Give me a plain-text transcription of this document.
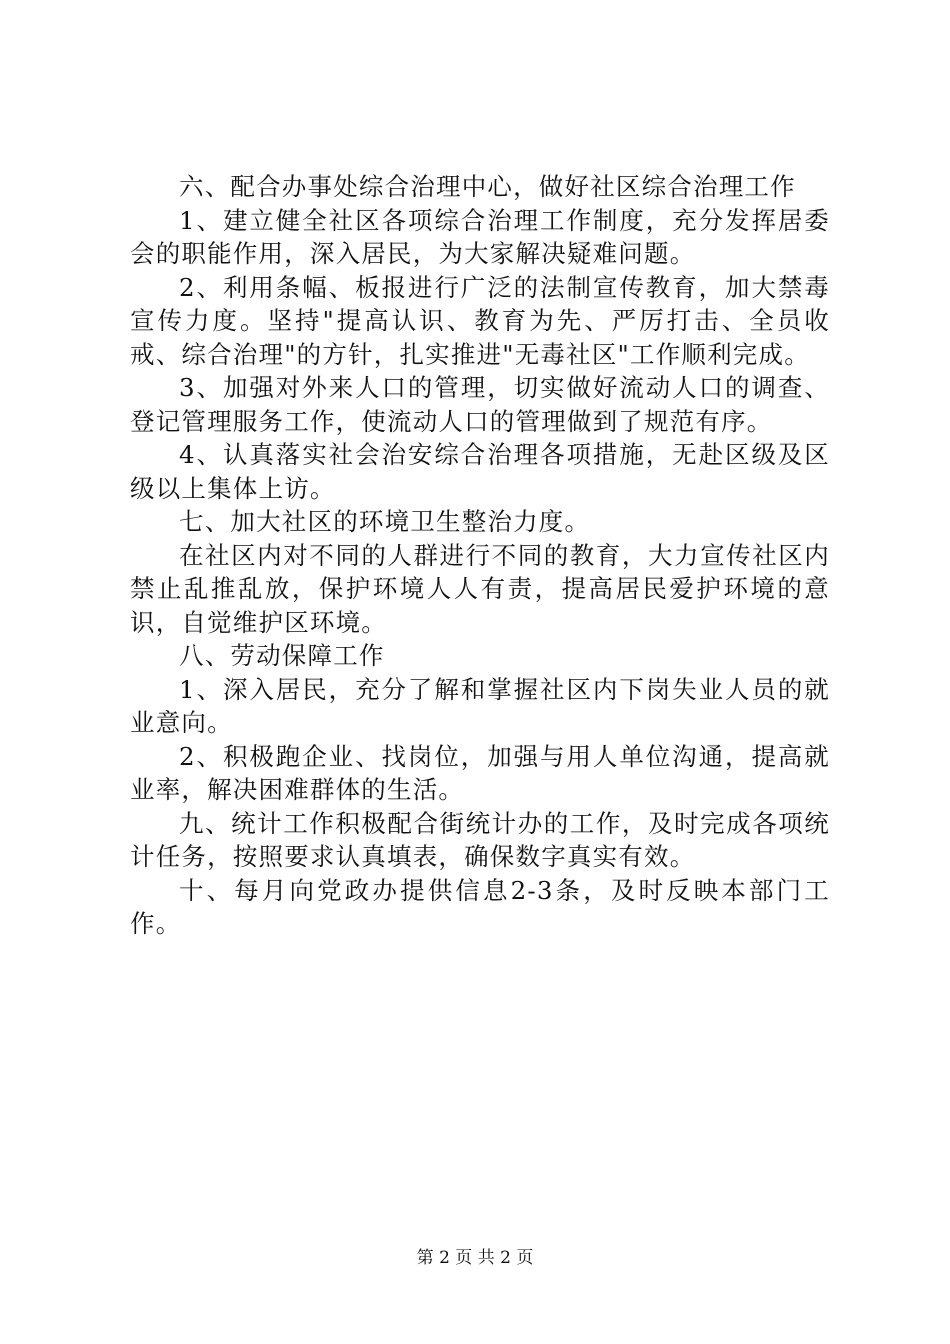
六、配合办事处综合治理中心，做好社区综合治理工作

1、建立健全社区各项综合治理工作制度，充分发挥居委会的职能作用，深入居民，为大家解决疑难问题。

2、利用条幅、板报进行广泛的法制宣传教育，加大禁毒宣传力度。坚持"提高认识、教育为先、严厉打击、全员收戒、综合治理"的方针，扎实推进"无毒社区"工作顺利完成。

3、加强对外来人口的管理，切实做好流动人口的调查、登记管理服务工作，使流动人口的管理做到了规范有序。

4、认真落实社会治安综合治理各项措施，无赴区级及区级以上集体上访。

七、加大社区的环境卫生整治力度。

在社区内对不同的人群进行不同的教育，大力宣传社区内禁止乱推乱放，保护环境人人有责，提高居民爱护环境的意识，自觉维护区环境。

八、劳动保障工作

1、深入居民，充分了解和掌握社区内下岗失业人员的就业意向。

2、积极跑企业、找岗位，加强与用人单位沟通，提高就业率，解决困难群体的生活。

九、统计工作积极配合街统计办的工作，及时完成各项统计任务，按照要求认真填表，确保数字真实有效。

十、每月向党政办提供信息2-3条，及时反映本部门工作。

第 2 页 共 2 页
